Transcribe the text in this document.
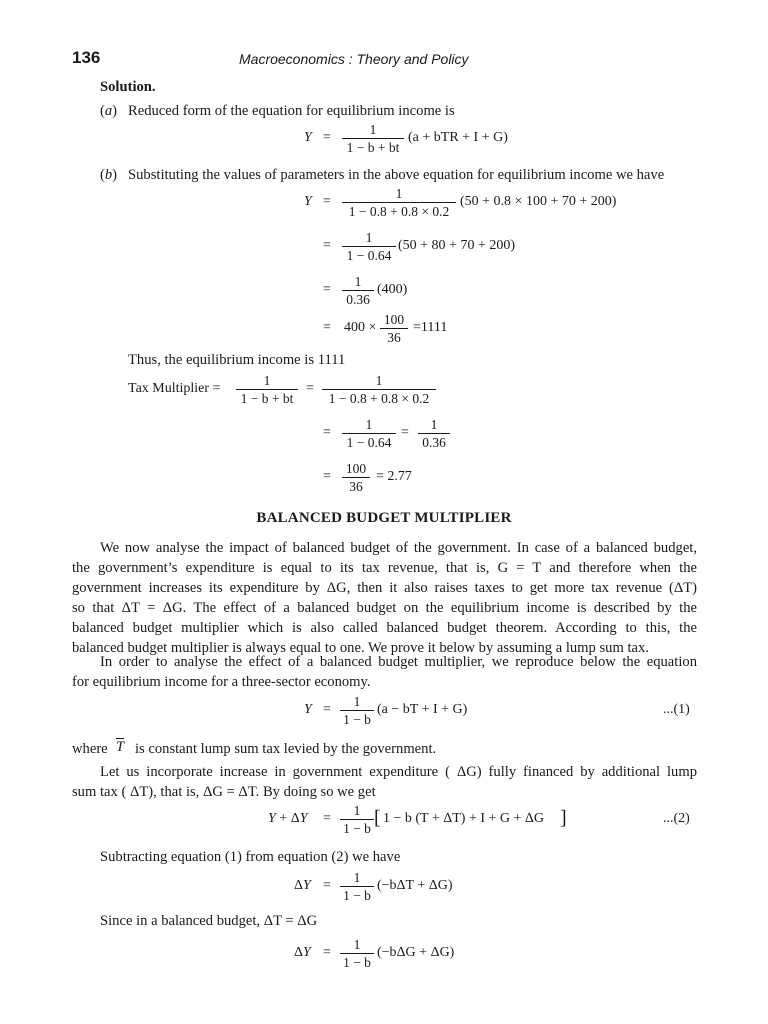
136	Macroeconomics : Theory and Policy
Solution.
(a) Reduced form of the equation for equilibrium income is
Y =
1
1 − b + bt
(a + bTR + I + G)
(b) Substituting the values of parameters in the above equation for equilibrium income we have
Y =
1
1 − 0.8 + 0.8 × 0.2
(50 + 0.8 × 100 + 70 + 200)
=
1
1 − 0.64
(50 + 80 + 70 + 200)
=
1
0.36
(400)
= 400 ×
100
36
=1111
Thus, the equilibrium income is 1111
Tax Multiplier =
1
1 − b + bt
=
1
1 − 0.8 + 0.8 × 0.2
=
1
1 − 0.64
=
1
0.36
=
100
36
= 2.77
BALANCED BUDGET MULTIPLIER
We now analyse the impact of balanced budget of the government. In case of a balanced budget,
the government’s expenditure is equal to its tax revenue, that is, G = T and therefore when the
government increases its expenditure by ΔG, then it also raises taxes to get more tax revenue (ΔT)
so that ΔT = ΔG. The effect of a balanced budget on the equilibrium income is described by the
balanced budget multiplier which is also called balanced budget theorem. According to this, the
balanced budget multiplier is always equal to one. We prove it below by assuming a lump sum tax.
In order to analyse the effect of a balanced budget multiplier, we reproduce below the equation
for equilibrium income for a three-sector economy.
Y =
1
1 − b
(a − bT + I + G)	...(1)
where $\overline{T}$ is constant lump sum tax levied by the government.
Let us incorporate increase in government expenditure ( ΔG) fully financed by additional lump
sum tax ( ΔT), that is, ΔG = ΔT. By doing so we get
Y + ΔY =
1
1 − b [ 1 − b (T + ΔT) + I + G + ΔG ]	...(2)
Subtracting equation (1) from equation (2) we have
ΔY =
1
1 − b
(−bΔT + ΔG)
Since in a balanced budget, ΔT = ΔG
ΔY =
1
1 − b
(−bΔG + ΔG)
